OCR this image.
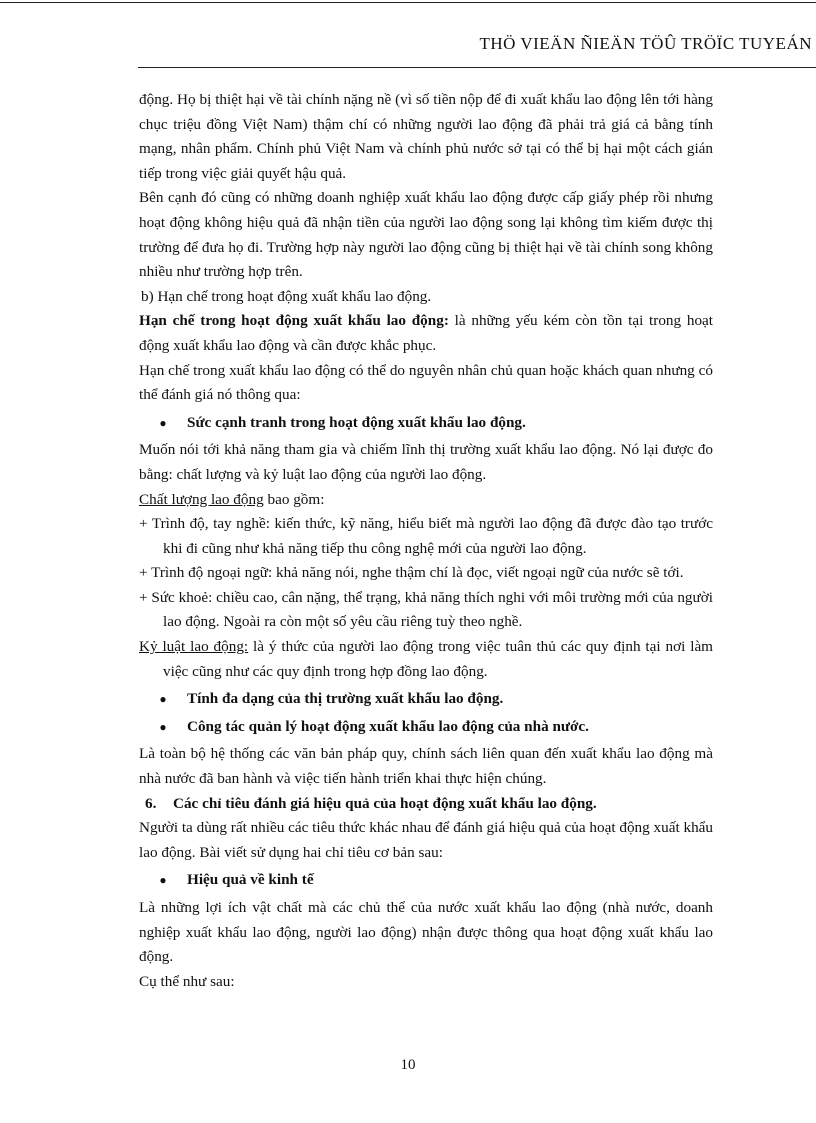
THÖ VIEÄN ÑIEÄN TÖÛ TRÖÏC TUYEÁN

động. Họ bị thiệt hại về tài chính nặng nề (vì số tiền nộp để đi xuất khẩu lao động lên tới hàng chục triệu đồng Việt Nam) thậm chí có những người lao động đã phải trả giá cả bằng tính mạng, nhân phẩm. Chính phủ Việt Nam và chính phủ nước sở tại có thể bị hại một cách gián tiếp trong việc giải quyết hậu quả.

Bên cạnh đó cũng có những doanh nghiệp xuất khẩu lao động được cấp giấy phép rồi nhưng hoạt động không hiệu quả đã nhận tiền của người lao động song lại không tìm kiếm được thị trường để đưa họ đi. Trường hợp này người lao động cũng bị thiệt hại về tài chính song không nhiều như trường hợp trên.

b) Hạn chế trong hoạt động xuất khẩu lao động.

Hạn chế trong hoạt động xuất khẩu lao động: là những yếu kém còn tồn tại trong hoạt động xuất khẩu lao động và cần được khắc phục.

Hạn chế trong xuất khẩu lao động có thể do nguyên nhân chủ quan hoặc khách quan nhưng có thể đánh giá nó thông qua:

●	Sức cạnh tranh trong hoạt động xuất khẩu lao động.

Muốn nói tới khả năng tham gia và chiếm lĩnh thị trường xuất khẩu lao động. Nó lại được đo bằng: chất lượng và kỷ luật lao động của người lao động.

Chất lượng lao động bao gồm:

+ Trình độ, tay nghề: kiến thức, kỹ năng, hiểu biết mà người lao động đã được đào tạo trước khi đi cũng như khả năng tiếp thu công nghệ mới của người lao động.

+ Trình độ ngoại ngữ: khả năng nói, nghe thậm chí là đọc, viết ngoại ngữ của nước sẽ tới.

+ Sức khoẻ: chiều cao, cân nặng, thể trạng, khả năng thích nghi với môi trường mới của người lao động. Ngoài ra còn một số yêu cầu riêng tuỳ theo nghề.

Kỷ luật lao động: là ý thức của người lao động trong việc tuân thủ các quy định tại nơi làm việc cũng như các quy định trong hợp đồng lao động.

●	Tính đa dạng của thị trường xuất khẩu lao động.
●	Công tác quản lý hoạt động xuất khẩu lao động của nhà nước.

Là toàn bộ hệ thống các văn bản pháp quy, chính sách liên quan đến xuất khẩu lao động mà nhà nước đã ban hành và việc tiến hành triển khai thực hiện chúng.

6. Các chỉ tiêu đánh giá hiệu quả của hoạt động xuất khẩu lao động.

Người ta dùng rất nhiều các tiêu thức khác nhau để đánh giá hiệu quả của hoạt động xuất khẩu lao động. Bài viết sử dụng hai chỉ tiêu cơ bản sau:

●	Hiệu quả về kinh tế

Là những lợi ích vật chất mà các chủ thể của nước xuất khẩu lao động (nhà nước, doanh nghiệp xuất khẩu lao động, người lao động) nhận được thông qua hoạt động xuất khẩu lao động.

Cụ thể như sau:

10
